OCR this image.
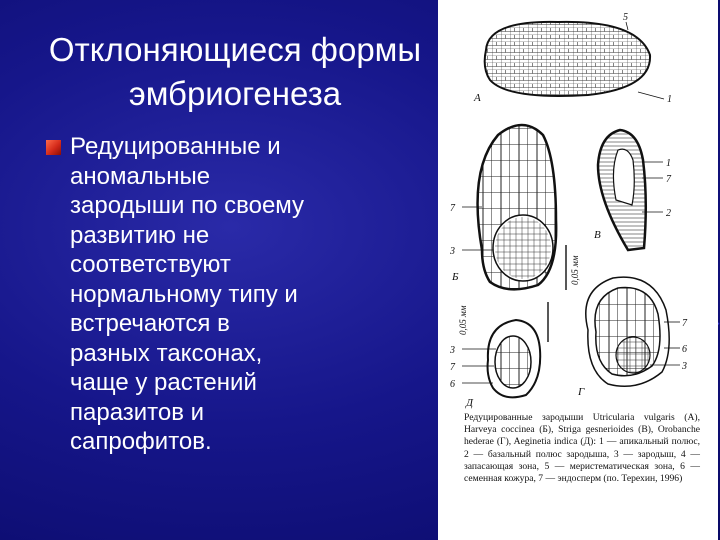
Отклоняющиеся формы эмбриогенеза
Редуцированные и
аномальные
зародыши по своему
развитию не
соответствуют
нормальному типу и
встречаются в
разных таксонах,
чаще у растений
паразитов и
сапрофитов.
5
1
А
7
3
Б	0,05 мм
1
7
2
В
7
6
3
Г
3
7
6
Д
0,05 мм
Редуцированные зародыши Utricularia vulgaris (А), Harveya coccinea (Б), Striga gesnerioides (В), Orobanche hederae (Г), Aeginetia indica (Д): 1 — апикальный полюс, 2 — базальный полюс зародыша, 3 — зародыш, 4 — запасающая зона, 5 — меристематическая зона, 6 — семенная кожура, 7 — эндосперм (по. Терехин, 1996)
